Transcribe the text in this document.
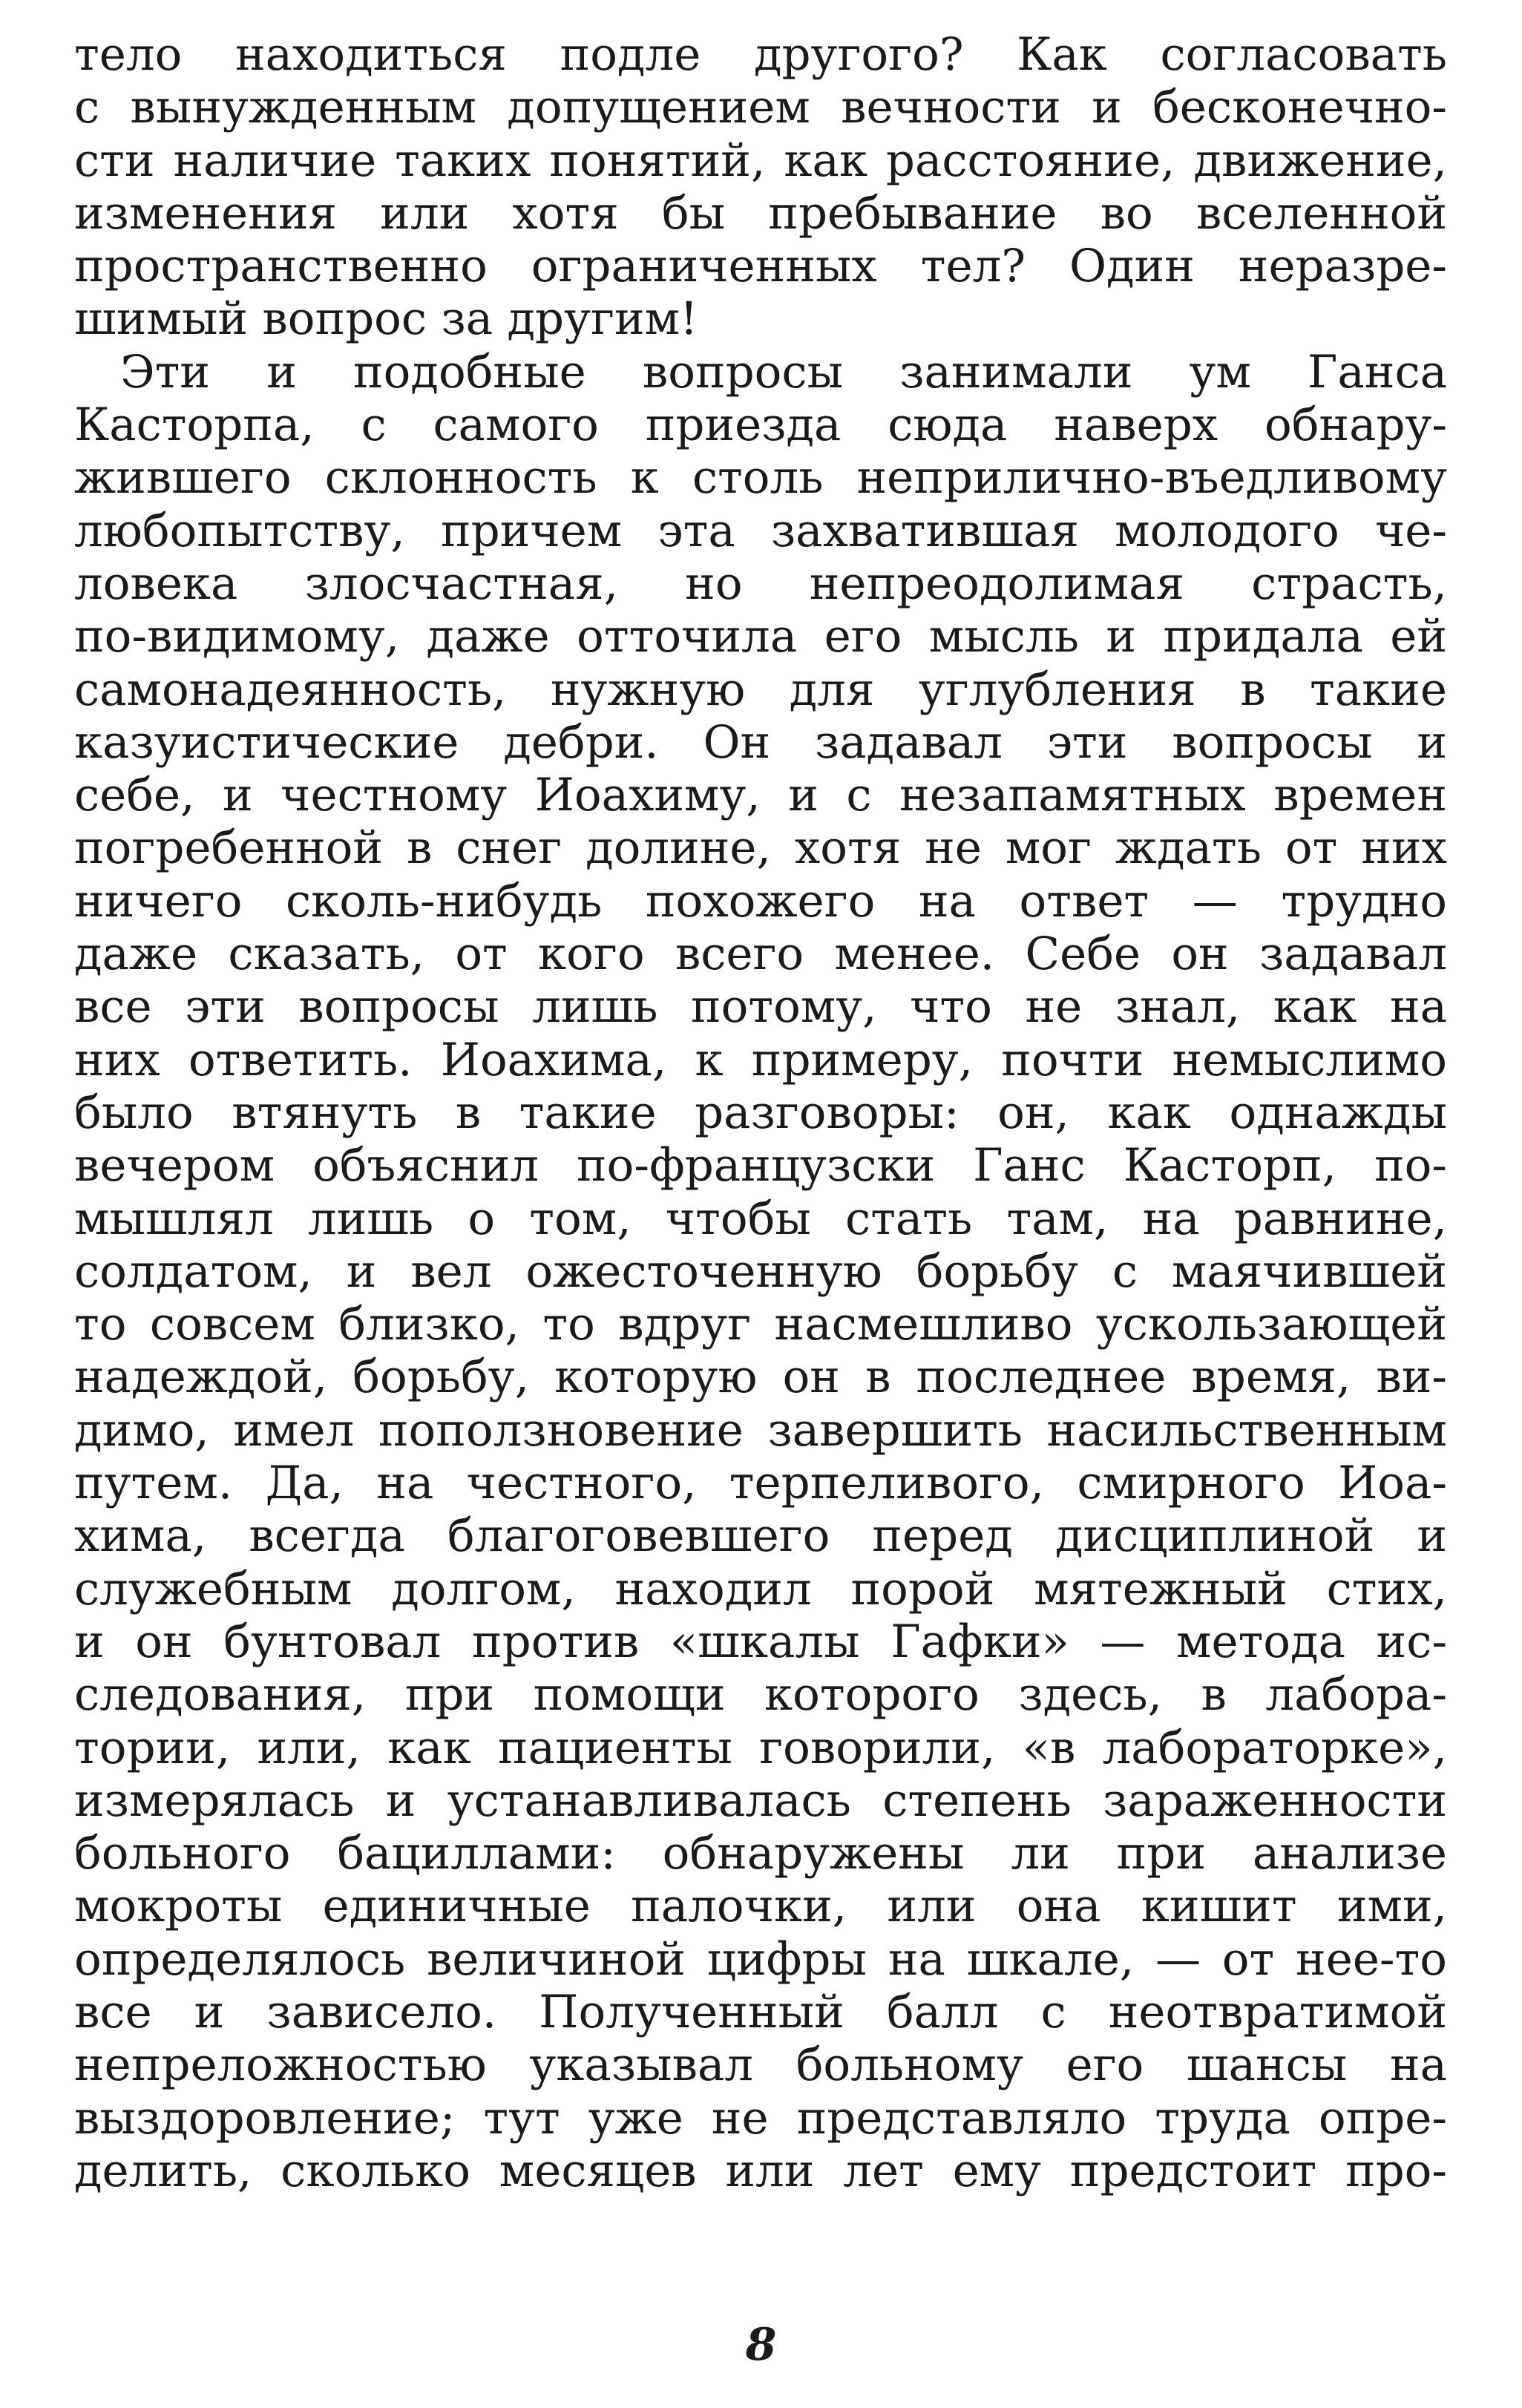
тело находиться подле другого? Как согласовать
с вынужденным допущением вечности и бесконечно-
сти наличие таких понятий, как расстояние, движение,
изменения или хотя бы пребывание во вселенной
пространственно ограниченных тел? Один неразре-
шимый вопрос за другим!
Эти и подобные вопросы занимали ум Ганса
Касторпа, с самого приезда сюда наверх обнару-
жившего склонность к столь неприлично-въедливому
любопытству, причем эта захватившая молодого че-
ловека злосчастная, но непреодолимая страсть,
по-видимому, даже отточила его мысль и придала ей
самонадеянность, нужную для углубления в такие
казуистические дебри. Он задавал эти вопросы и
себе, и честному Иоахиму, и с незапамятных времен
погребенной в снег долине, хотя не мог ждать от них
ничего сколь-нибудь похожего на ответ — трудно
даже сказать, от кого всего менее. Себе он задавал
все эти вопросы лишь потому, что не знал, как на
них ответить. Иоахима, к примеру, почти немыслимо
было втянуть в такие разговоры: он, как однажды
вечером объяснил по-французски Ганс Касторп, по-
мышлял лишь о том, чтобы стать там, на равнине,
солдатом, и вел ожесточенную борьбу с маячившей
то совсем близко, то вдруг насмешливо ускользающей
надеждой, борьбу, которую он в последнее время, ви-
димо, имел поползновение завершить насильственным
путем. Да, на честного, терпеливого, смирного Иоа-
хима, всегда благоговевшего перед дисциплиной и
служебным долгом, находил порой мятежный стих,
и он бунтовал против «шкалы Гафки» — метода ис-
следования, при помощи которого здесь, в лабора-
тории, или, как пациенты говорили, «в лабораторке»,
измерялась и устанавливалась степень зараженности
больного бациллами: обнаружены ли при анализе
мокроты единичные палочки, или она кишит ими,
определялось величиной цифры на шкале, — от нее-то
все и зависело. Полученный балл с неотвратимой
непреложностью указывал больному его шансы на
выздоровление; тут уже не представляло труда опре-
делить, сколько месяцев или лет ему предстоит про-
8
